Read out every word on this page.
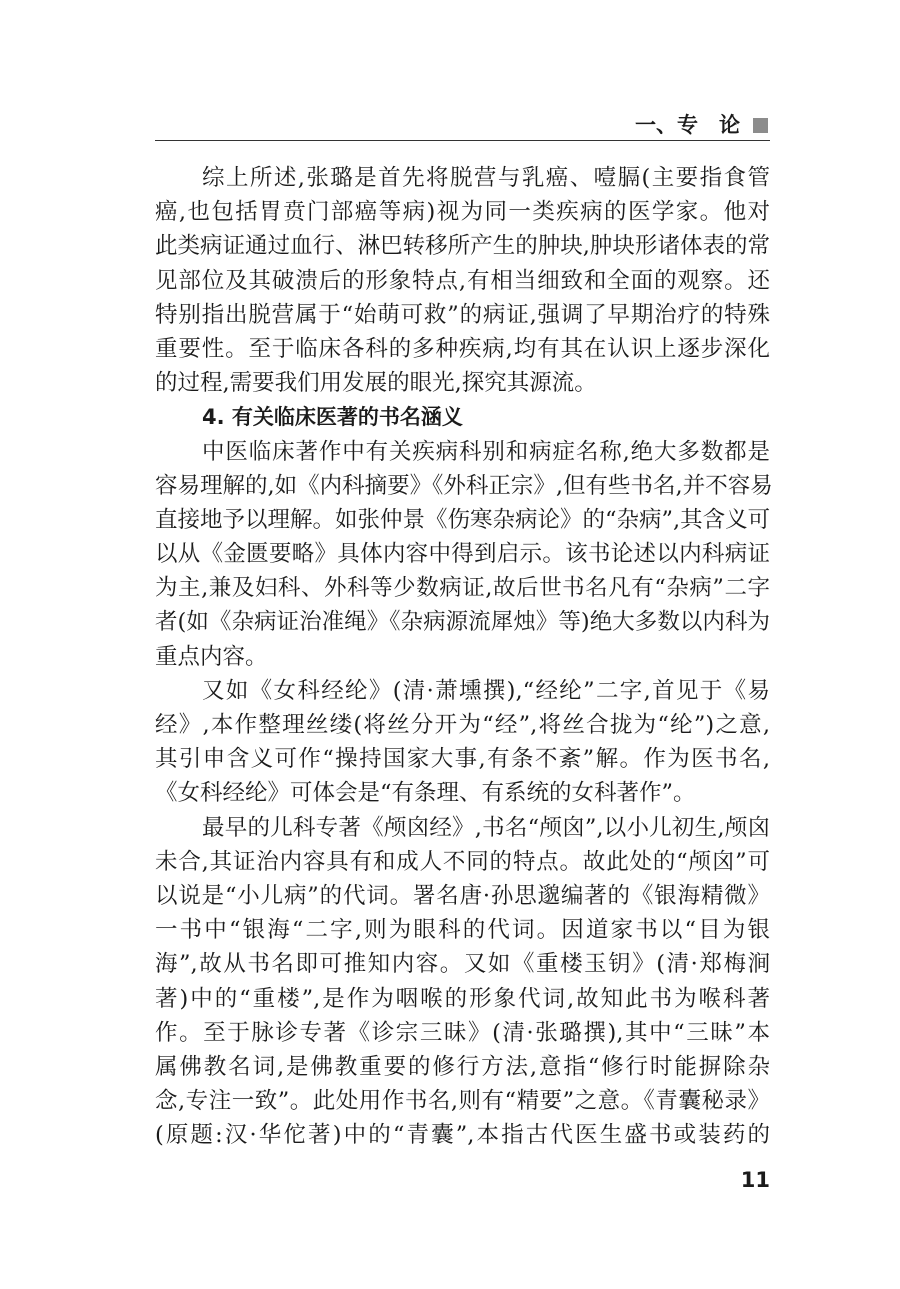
一、专　论
综上所述,张璐是首先将脱营与乳癌、噎膈(主要指食管
癌,也包括胃贲门部癌等病)视为同一类疾病的医学家。他对
此类病证通过血行、淋巴转移所产生的肿块,肿块形诸体表的常
见部位及其破溃后的形象特点,有相当细致和全面的观察。还
特别指出脱营属于“始萌可救”的病证,强调了早期治疗的特殊
重要性。至于临床各科的多种疾病,均有其在认识上逐步深化
的过程,需要我们用发展的眼光,探究其源流。
4. 有关临床医著的书名涵义
中医临床著作中有关疾病科别和病症名称,绝大多数都是
容易理解的,如《内科摘要》《外科正宗》,但有些书名,并不容易
直接地予以理解。如张仲景《伤寒杂病论》的“杂病”,其含义可
以从《金匮要略》具体内容中得到启示。该书论述以内科病证
为主,兼及妇科、外科等少数病证,故后世书名凡有“杂病”二字
者(如《杂病证治准绳》《杂病源流犀烛》等)绝大多数以内科为
重点内容。
又如《女科经纶》(清·萧壎撰),“经纶”二字,首见于《易
经》,本作整理丝缕(将丝分开为“经”,将丝合拢为“纶”)之意,
其引申含义可作“操持国家大事,有条不紊”解。作为医书名,
《女科经纶》可体会是“有条理、有系统的女科著作”。
最早的儿科专著《颅囟经》,书名“颅囟”,以小儿初生,颅囟
未合,其证治内容具有和成人不同的特点。故此处的“颅囟”可
以说是“小儿病”的代词。署名唐·孙思邈编著的《银海精微》
一书中“银海“二字,则为眼科的代词。因道家书以“目为银
海”,故从书名即可推知内容。又如《重楼玉钥》(清·郑梅涧
著)中的“重楼”,是作为咽喉的形象代词,故知此书为喉科著
作。至于脉诊专著《诊宗三昧》(清·张璐撰),其中“三昧”本
属佛教名词,是佛教重要的修行方法,意指“修行时能摒除杂
念,专注一致”。此处用作书名,则有“精要”之意。《青囊秘录》
(原题:汉·华佗著)中的“青囊”,本指古代医生盛书或装药的
11
